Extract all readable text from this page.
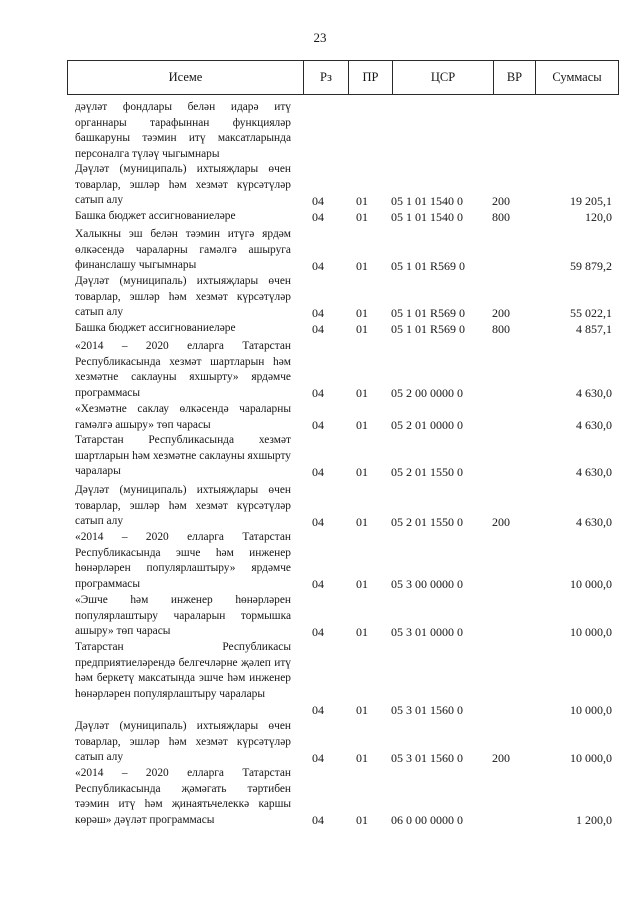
23
Исеме	Рз	ПР	ЦСР	ВР	Суммасы
дәүләт фондлары белән идарә итү органнары тарафыннан функцияләр башкаруны тәэмин итү максатларында персоналга түләү чыгымнары
Дәүләт (муниципаль) ихтыяҗлары өчен товарлар, эшләр һәм хезмәт күрсәтүләр сатып алу	04	01 05 1 01 1540 0 200	19 205,1
Башка бюджет ассигнованиеләре	04	01 05 1 01 1540 0 800	120,0
Халыкны эш белән тәэмин итүгә ярдәм өлкәсендә чараларны гамәлгә ашыруга финанслашу чыгымнары	04	01 05 1 01 R569 0	59 879,2
Дәүләт (муниципаль) ихтыяҗлары өчен товарлар, эшләр һәм хезмәт күрсәтүләр сатып алу	04	01 05 1 01 R569 0 200	55 022,1
Башка бюджет ассигнованиеләре	04	01 05 1 01 R569 0 800	4 857,1
«2014 – 2020 елларга Татарстан Республикасында хезмәт шартларын һәм хезмәтне саклауны яхшырту» ярдәмче программасы	04	01 05 2 00 0000 0	4 630,0
«Хезмәтне саклау өлкәсендә чараларны гамәлгә ашыру» төп чарасы	04	01 05 2 01 0000 0	4 630,0
Татарстан Республикасында хезмәт шартларын һәм хезмәтне саклауны яхшырту чаралары	04	01 05 2 01 1550 0	4 630,0
Дәүләт (муниципаль) ихтыяҗлары өчен товарлар, эшләр һәм хезмәт күрсәтүләр сатып алу	04	01 05 2 01 1550 0 200	4 630,0
«2014 – 2020 елларга Татарстан Республикасында эшче һәм инженер һөнәрләрен популярлаштыру» ярдәмче программасы	04	01 05 3 00 0000 0	10 000,0
«Эшче һәм инженер һөнәрләрен популярлаштыру чараларын тормышка ашыру» төп чарасы	04	01 05 3 01 0000 0	10 000,0
Татарстан Республикасы предприятиеләрендә белгечләрне җәлеп итү һәм беркетү максатында эшче һәм инженер һөнәрләрен популярлаштыру чаралары
04	01 05 3 01 1560 0	10 000,0
Дәүләт (муниципаль) ихтыяҗлары өчен товарлар, эшләр һәм хезмәт күрсәтүләр сатып алу	04	01 05 3 01 1560 0 200	10 000,0
«2014 – 2020 елларга Татарстан Республикасында җәмәгать тәртибен тәэмин итү һәм җинаятьчелеккә каршы көрәш» дәүләт программасы	04	01 06 0 00 0000 0	1 200,0
